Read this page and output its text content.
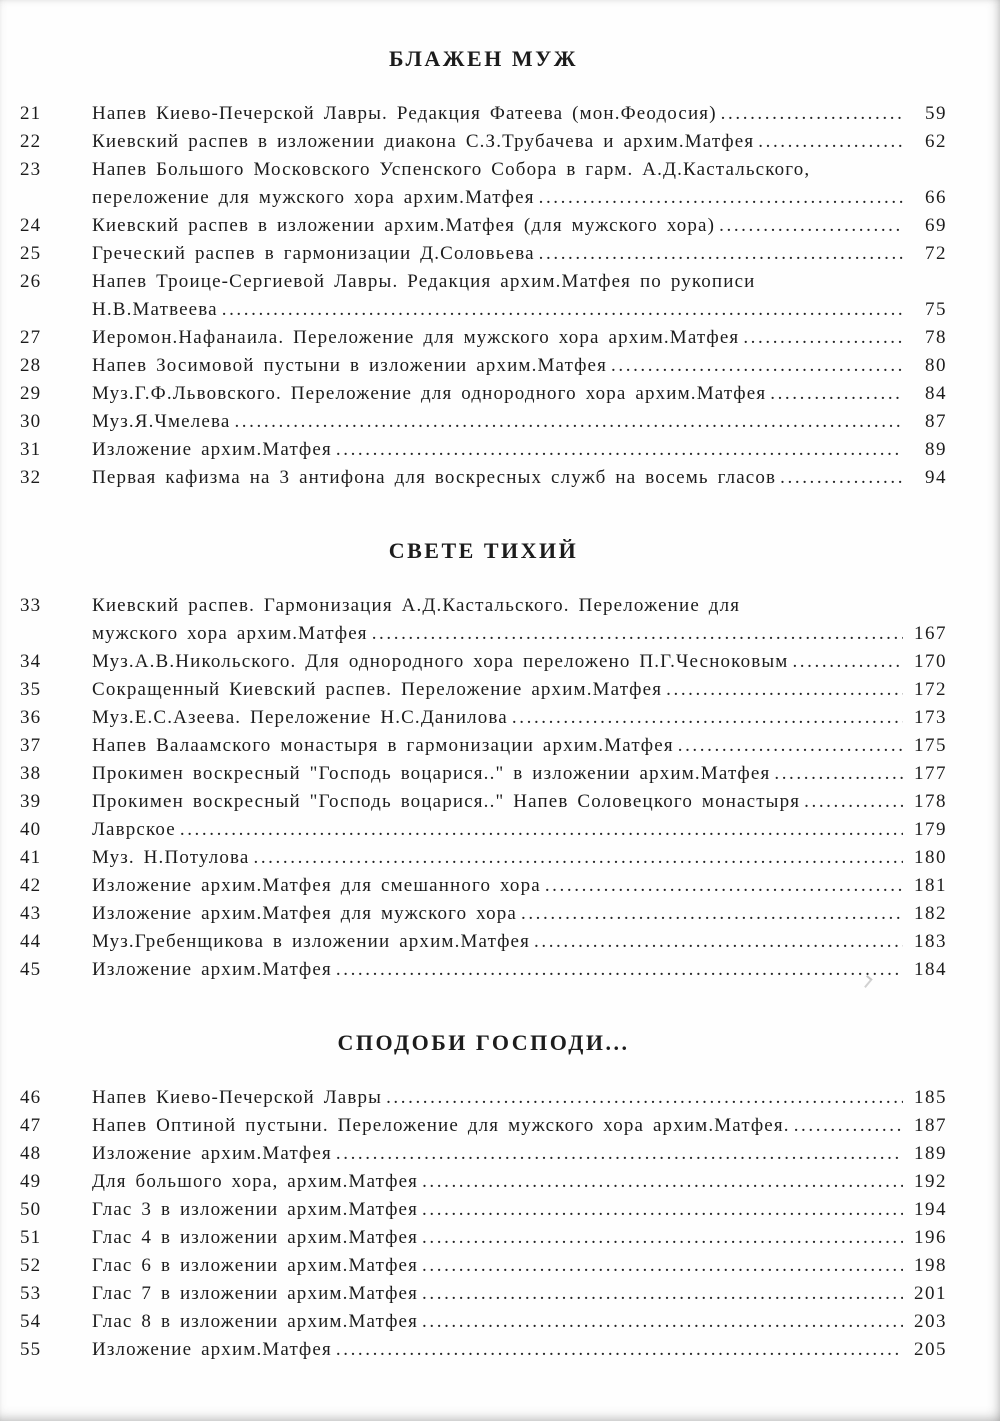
БЛАЖЕН МУЖ
21	Напев Киево-Печерской Лавры. Редакция Фатеева (мон.Феодосия) .....	59
22	Киевский распев в изложении диакона С.З.Трубачева и архим.Матфея .....	62
23	Напев Большого Московского Успенского Собора в гарм. А.Д.Кастальского,
переложение для мужского хора архим.Матфея .....	66
24	Киевский распев в изложении архим.Матфея (для мужского хора) .....	69
25	Греческий распев в гармонизации Д.Соловьева .....	72
26	Напев Троице-Сергиевой Лавры. Редакция архим.Матфея по рукописи
Н.В.Матвеева .....	75
27	Иеромон.Нафанаила. Переложение для мужского хора архим.Матфея .....	78
28	Напев Зосимовой пустыни в изложении архим.Матфея .....	80
29	Муз.Г.Ф.Львовского. Переложение для однородного хора архим.Матфея .....	84
30	Муз.Я.Чмелева .....	87
31	Изложение архим.Матфея .....	89
32	Первая кафизма на 3 антифона для воскресных служб на восемь гласов .....	94
СВЕТЕ ТИХИЙ
33	Киевский распев. Гармонизация А.Д.Кастальского. Переложение для
мужского хора архим.Матфея .....	167
34	Муз.А.В.Никольского. Для однородного хора переложено П.Г.Чесноковым .....	170
35	Сокращенный Киевский распев. Переложение архим.Матфея .....	172
36	Муз.Е.С.Азеева. Переложение Н.С.Данилова .....	173
37	Напев Валаамского монастыря в гармонизации архим.Матфея .....	175
38	Прокимен воскресный "Господь воцарися.." в изложении архим.Матфея .....	177
39	Прокимен воскресный "Господь воцарися.." Напев Соловецкого монастыря .....	178
40	Лаврское .....	179
41	Муз. Н.Потулова .....	180
42	Изложение архим.Матфея для смешанного хора .....	181
43	Изложение архим.Матфея для мужского хора .....	182
44	Муз.Гребенщикова в изложении архим.Матфея .....	183
45	Изложение архим.Матфея .....	184
СПОДОБИ ГОСПОДИ...
46	Напев Киево-Печерской Лавры .....	185
47	Напев Оптиной пустыни. Переложение для мужского хора архим.Матфея. .....	187
48	Изложение архим.Матфея .....	189
49	Для большого хора, архим.Матфея .....	192
50	Глас 3 в изложении архим.Матфея .....	194
51	Глас 4 в изложении архим.Матфея .....	196
52	Глас 6 в изложении архим.Матфея .....	198
53	Глас 7 в изложении архим.Матфея .....	201
54	Глас 8 в изложении архим.Матфея .....	203
55	Изложение архим.Матфея .....	205
